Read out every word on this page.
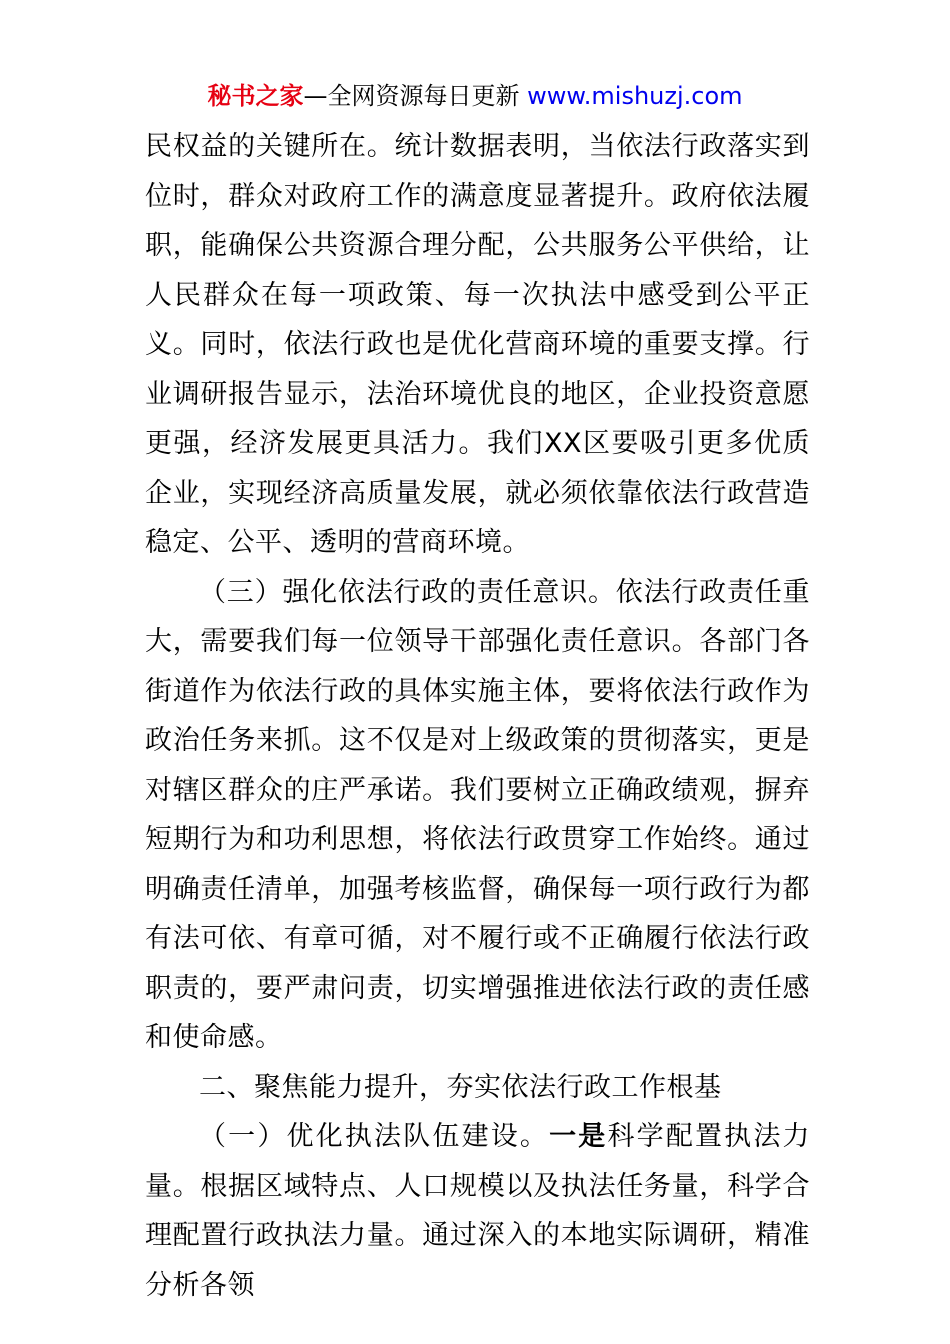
秘书之家—全网资源每日更新 www.mishuzj.com

民权益的关键所在。统计数据表明，当依法行政落实到位时，群众对政府工作的满意度显著提升。政府依法履职，能确保公共资源合理分配，公共服务公平供给，让人民群众在每一项政策、每一次执法中感受到公平正义。同时，依法行政也是优化营商环境的重要支撑。行业调研报告显示，法治环境优良的地区，企业投资意愿更强，经济发展更具活力。我们XX区要吸引更多优质企业，实现经济高质量发展，就必须依靠依法行政营造稳定、公平、透明的营商环境。

（三）强化依法行政的责任意识。依法行政责任重大，需要我们每一位领导干部强化责任意识。各部门各街道作为依法行政的具体实施主体，要将依法行政作为政治任务来抓。这不仅是对上级政策的贯彻落实，更是对辖区群众的庄严承诺。我们要树立正确政绩观，摒弃短期行为和功利思想，将依法行政贯穿工作始终。通过明确责任清单，加强考核监督，确保每一项行政行为都有法可依、有章可循，对不履行或不正确履行依法行政职责的，要严肃问责，切实增强推进依法行政的责任感和使命感。

二、聚焦能力提升，夯实依法行政工作根基

（一）优化执法队伍建设。一是科学配置执法力量。根据区域特点、人口规模以及执法任务量，科学合理配置行政执法力量。通过深入的本地实际调研，精准分析各领
